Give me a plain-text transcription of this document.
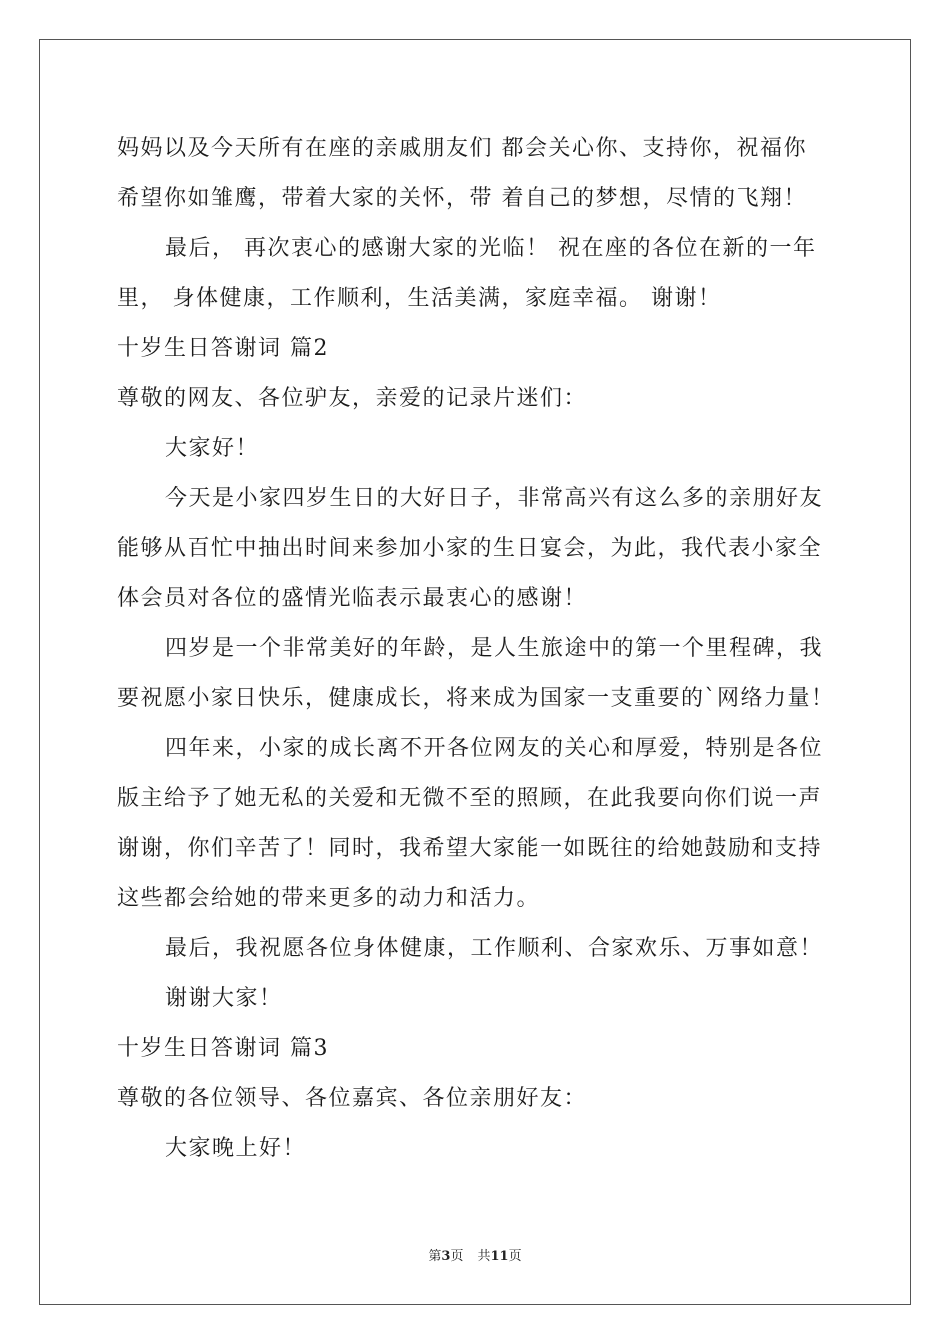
妈妈以及今天所有在座的亲戚朋友们 都会关心你、支持你，祝福你
希望你如雏鹰，带着大家的关怀，带 着自己的梦想，尽情的飞翔！
最后， 再次衷心的感谢大家的光临！ 祝在座的各位在新的一年
里， 身体健康，工作顺利，生活美满，家庭幸福。 谢谢！
十岁生日答谢词 篇2
尊敬的网友、各位驴友，亲爱的记录片迷们：
大家好！
今天是小家四岁生日的大好日子，非常高兴有这么多的亲朋好友
能够从百忙中抽出时间来参加小家的生日宴会，为此，我代表小家全
体会员对各位的盛情光临表示最衷心的感谢！
四岁是一个非常美好的年龄，是人生旅途中的第一个里程碑，我
要祝愿小家日快乐，健康成长，将来成为国家一支重要的`网络力量！
四年来，小家的成长离不开各位网友的关心和厚爱，特别是各位
版主给予了她无私的关爱和无微不至的照顾，在此我要向你们说一声
谢谢，你们辛苦了！同时，我希望大家能一如既往的给她鼓励和支持
这些都会给她的带来更多的动力和活力。
最后，我祝愿各位身体健康，工作顺利、合家欢乐、万事如意！
谢谢大家！
十岁生日答谢词 篇3
尊敬的各位领导、各位嘉宾、各位亲朋好友：
大家晚上好！
第3页 共11页
